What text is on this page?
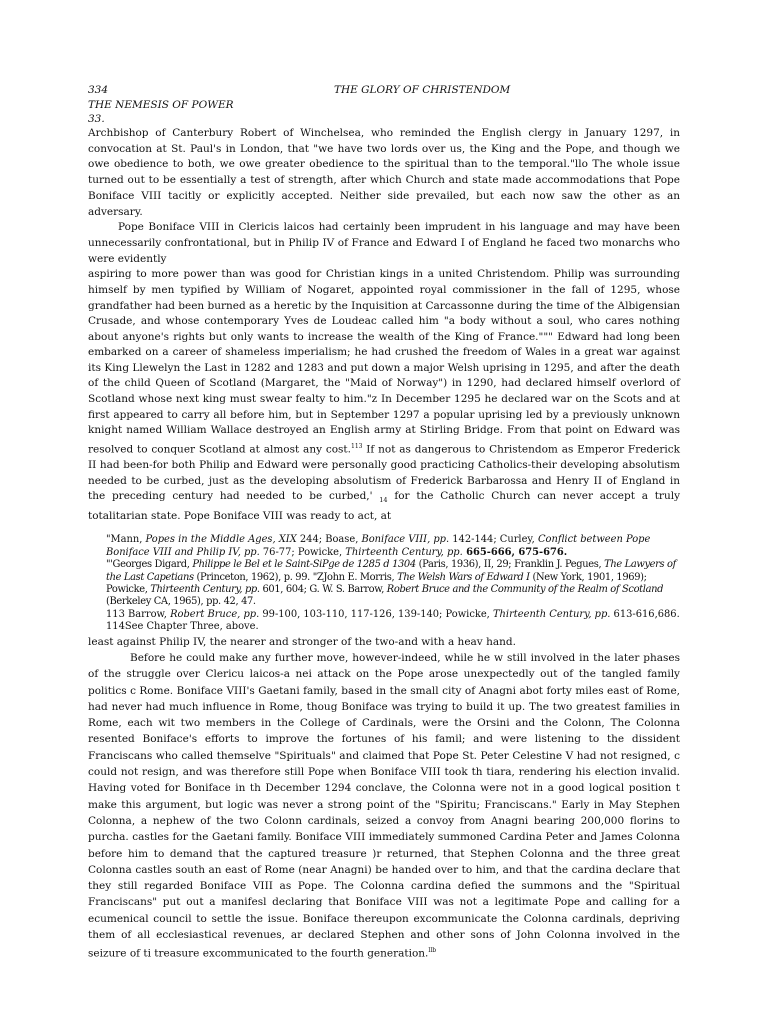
334	THE GLORY OF CHRISTENDOM
THE NEMESIS OF POWER
33.

Archbishop of Canterbury Robert of Winchelsea, who reminded the English clergy in January 1297, in convocation at St. Paul's in London, that "we have two lords over us, the King and the Pope, and though we owe obedience to both, we owe greater obedience to the spiritual than to the temporal."llo The whole issue turned out to be essentially a test of strength, after which Church and state made accommodations that Pope Boniface VIII tacitly or explicitly accepted. Neither side prevailed, but each now saw the other as an adversary.

Pope Boniface VIII in Clericis laicos had certainly been imprudent in his language and may have been unnecessarily confrontational, but in Philip IV of France and Edward I of England he faced two monarchs who were evidently

aspiring to more power than was good for Christian kings in a united Christendom. Philip was surrounding himself by men typified by William of Nogaret, appointed royal commissioner in the fall of 1295, whose grandfather had been burned as a heretic by the Inquisition at Carcassonne during the time of the Albigensian Crusade, and whose contemporary Yves de Loudeac called him "a body without a soul, who cares nothing about anyone's rights but only wants to increase the wealth of the King of France.""" Edward had long been embarked on a career of shameless imperialism; he had crushed the freedom of Wales in a great war against its King Llewelyn the Last in 1282 and 1283 and put down a major Welsh uprising in 1295, and after the death of the child Queen of Scotland (Margaret, the "Maid of Norway") in 1290, had declared himself overlord of Scotland whose next king must swear fealty to him."z In December 1295 he declared war on the Scots and at first appeared to carry all before him, but in September 1297 a popular uprising led by a previously unknown knight named William Wallace destroyed an English army at Stirling Bridge. From that point on Edward was resolved to conquer Scotland at almost any cost.$^{113}$ If not as dangerous to Christendom as Emperor Frederick II had been-for both Philip and Edward were personally good practicing Catholics-their developing absolutism needed to be curbed, just as the developing absolutism of Frederick Barbarossa and Henry II of England in the preceding century had needed to be curbed,' $_{14}$ for the Catholic Church can never accept a truly totalitarian state. Pope Boniface VIII was ready to act, at

"Mann, Popes in the Middle Ages, XIX 244; Boase, Boniface VIII, pp. 142-144; Curley, Conflict between Pope Boniface VIII and Philip IV, pp. 76-77; Powicke, Thirteenth Century, pp. 665-666, 675-676.
"'Georges Digard, Philippe le Bel et le Saint-SiPge de 1285 d 1304 (Paris, 1936), II, 29; Franklin J. Pegues, The Lawyers of the Last Capetians (Princeton, 1962), p. 99. "ZJohn E. Morris, The Welsh Wars of Edward I (New York, 1901, 1969); Powicke, Thirteenth Century, pp. 601, 604; G. W. S. Barrow, Robert Bruce and the Community of the Realm of Scotland (Berkeley CA, 1965), pp. 42, 47.
113 Barrow, Robert Bruce, pp. 99-100, 103-110, 117-126, 139-140; Powicke, Thirteenth Century, pp. 613-616,686.
114See Chapter Three, above.

least against Philip IV, the nearer and stronger of the two-and with a heav hand.

Before he could make any further move, however-indeed, while he w still involved in the later phases of the struggle over Clericu laicos-a nei attack on the Pope arose unexpectedly out of the tangled family politics c Rome. Boniface VIII's Gaetani family, based in the small city of Anagni abot forty miles east of Rome, had never had much influence in Rome, thoug Boniface was trying to build it up. The two greatest families in Rome, each wit two members in the College of Cardinals, were the Orsini and the Colonn, The Colonna resented Boniface's efforts to improve the fortunes of his famil; and were listening to the dissident Franciscans who called themselve "Spirituals" and claimed that Pope St. Peter Celestine V had not resigned, c could not resign, and was therefore still Pope when Boniface VIII took th tiara, rendering his election invalid. Having voted for Boniface in th December 1294 conclave, the Colonna were not in a good logical position t make this argument, but logic was never a strong point of the "Spiritu; Franciscans." Early in May Stephen Colonna, a nephew of the two Colonn cardinals, seized a convoy from Anagni bearing 200,000 florins to purcha. castles for the Gaetani family. Boniface VIII immediately summoned Cardina Peter and James Colonna before him to demand that the captured treasure )r returned, that Stephen Colonna and the three great Colonna castles south an east of Rome (near Anagni) be handed over to him, and that the cardina declare that they still regarded Boniface VIII as Pope. The Colonna cardina defied the summons and the "Spiritual Franciscans" put out a manifesl declaring that Boniface VIII was not a legitimate Pope and calling for a ecumenical council to settle the issue. Boniface thereupon excommunicate the Colonna cardinals, depriving them of all ecclesiastical revenues, ar declared Stephen and other sons of John Colonna involved in the seizure of ti treasure excommunicated to the fourth generation.$^{llb}$
